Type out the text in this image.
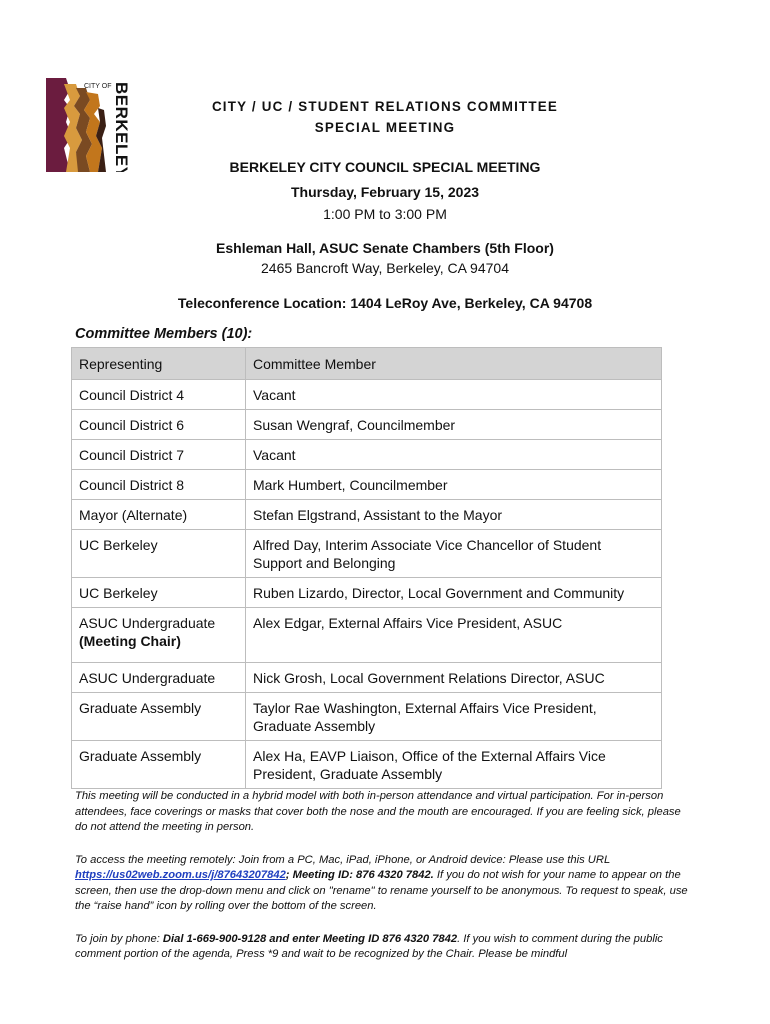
CITY OF BERKELEY	CITY / UC / STUDENT RELATIONS COMMITTEE
SPECIAL MEETING
BERKELEY CITY COUNCIL SPECIAL MEETING
Thursday, February 15, 2023
1:00 PM to 3:00 PM
Eshleman Hall, ASUC Senate Chambers (5th Floor)
2465 Bancroft Way, Berkeley, CA 94704
Teleconference Location: 1404 LeRoy Ave, Berkeley, CA 94708
Committee Members (10):
Representing	Committee Member
Council District 4	Vacant
Council District 6	Susan Wengraf, Councilmember
Council District 7	Vacant
Council District 8	Mark Humbert, Councilmember
Mayor (Alternate)	Stefan Elgstrand, Assistant to the Mayor
UC Berkeley	Alfred Day, Interim Associate Vice Chancellor of Student Support and Belonging
UC Berkeley	Ruben Lizardo, Director, Local Government and Community

ASUC Undergraduate
(Meeting Chair)	Alex Edgar, External Affairs Vice President, ASUC
ASUC Undergraduate	Nick Grosh, Local Government Relations Director, ASUC
Graduate Assembly	Taylor Rae Washington, External Affairs Vice President, Graduate Assembly
Graduate Assembly	Alex Ha, EAVP Liaison, Office of the External Affairs Vice President, Graduate Assembly

This meeting will be conducted in a hybrid model with both in-person attendance and virtual participation. For in-person attendees, face coverings or masks that cover both the nose and the mouth are encouraged. If you are feeling sick, please do not attend the meeting in person.

To access the meeting remotely: Join from a PC, Mac, iPad, iPhone, or Android device: Please use this URL https://us02web.zoom.us/j/87643207842; Meeting ID: 876 4320 7842. If you do not wish for your name to appear on the screen, then use the drop-down menu and click on "rename" to rename yourself to be anonymous. To request to speak, use the “raise hand” icon by rolling over the bottom of the screen.

To join by phone: Dial 1-669-900-9128 and enter Meeting ID 876 4320 7842. If you wish to comment during the public comment portion of the agenda, Press *9 and wait to be recognized by the Chair. Please be mindful
